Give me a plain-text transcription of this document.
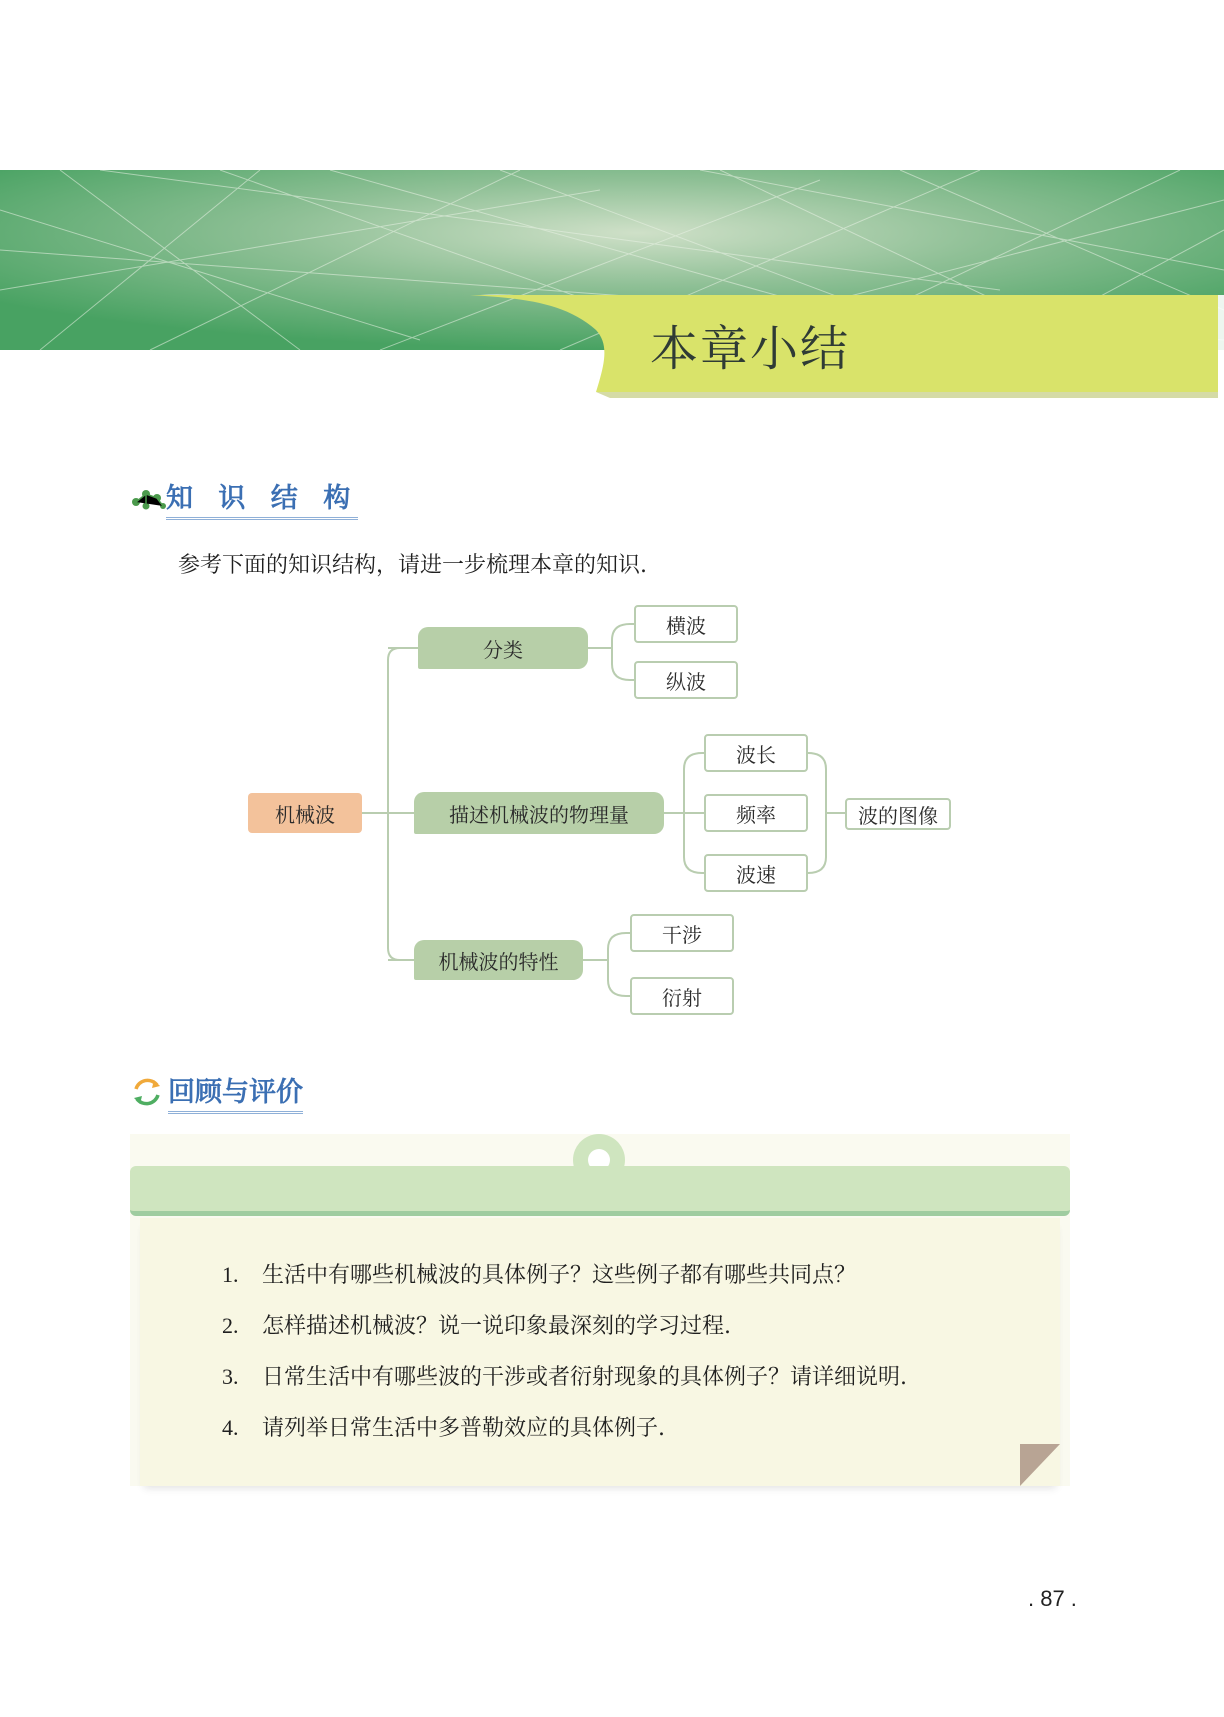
本章小结
知 识 结 构
参考下面的知识结构，请进一步梳理本章的知识.
机械波
分类
横波
纵波
描述机械波的物理量
波长
频率
波速
波的图像
机械波的特性
干涉
衍射
回顾与评价
1. 生活中有哪些机械波的具体例子？这些例子都有哪些共同点？
2. 怎样描述机械波？说一说印象最深刻的学习过程.
3. 日常生活中有哪些波的干涉或者衍射现象的具体例子？请详细说明.
4. 请列举日常生活中多普勒效应的具体例子.
. 87 .
